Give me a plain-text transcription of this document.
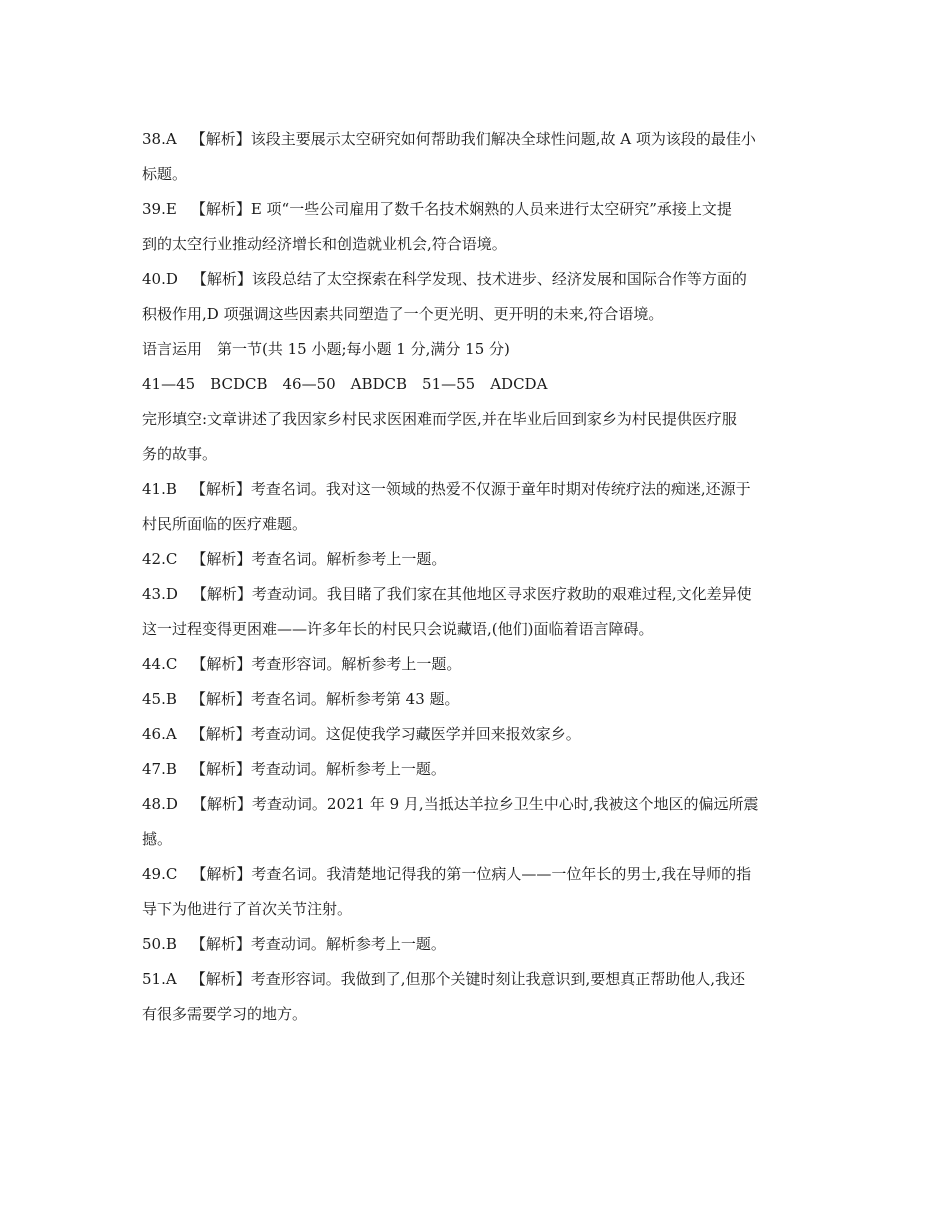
38.A 【解析】该段主要展示太空研究如何帮助我们解决全球性问题,故 A 项为该段的最佳小
标题。
39.E 【解析】E 项“一些公司雇用了数千名技术娴熟的人员来进行太空研究”承接上文提
到的太空行业推动经济增长和创造就业机会,符合语境。
40.D 【解析】该段总结了太空探索在科学发现、技术进步、经济发展和国际合作等方面的
积极作用,D 项强调这些因素共同塑造了一个更光明、更开明的未来,符合语境。
语言运用　第一节(共 15 小题;每小题 1 分,满分 15 分)
41—45　BCDCB　46—50　ABDCB　51—55　ADCDA
完形填空:文章讲述了我因家乡村民求医困难而学医,并在毕业后回到家乡为村民提供医疗服
务的故事。
41.B 【解析】考查名词。我对这一领域的热爱不仅源于童年时期对传统疗法的痴迷,还源于
村民所面临的医疗难题。
42.C 【解析】考查名词。解析参考上一题。
43.D 【解析】考查动词。我目睹了我们家在其他地区寻求医疗救助的艰难过程,文化差异使
这一过程变得更困难——许多年长的村民只会说藏语,(他们)面临着语言障碍。
44.C 【解析】考查形容词。解析参考上一题。
45.B 【解析】考查名词。解析参考第 43 题。
46.A 【解析】考查动词。这促使我学习藏医学并回来报效家乡。
47.B 【解析】考查动词。解析参考上一题。
48.D 【解析】考查动词。2021 年 9 月,当抵达羊拉乡卫生中心时,我被这个地区的偏远所震
撼。
49.C 【解析】考查名词。我清楚地记得我的第一位病人——一位年长的男士,我在导师的指
导下为他进行了首次关节注射。
50.B 【解析】考查动词。解析参考上一题。
51.A 【解析】考查形容词。我做到了,但那个关键时刻让我意识到,要想真正帮助他人,我还
有很多需要学习的地方。
